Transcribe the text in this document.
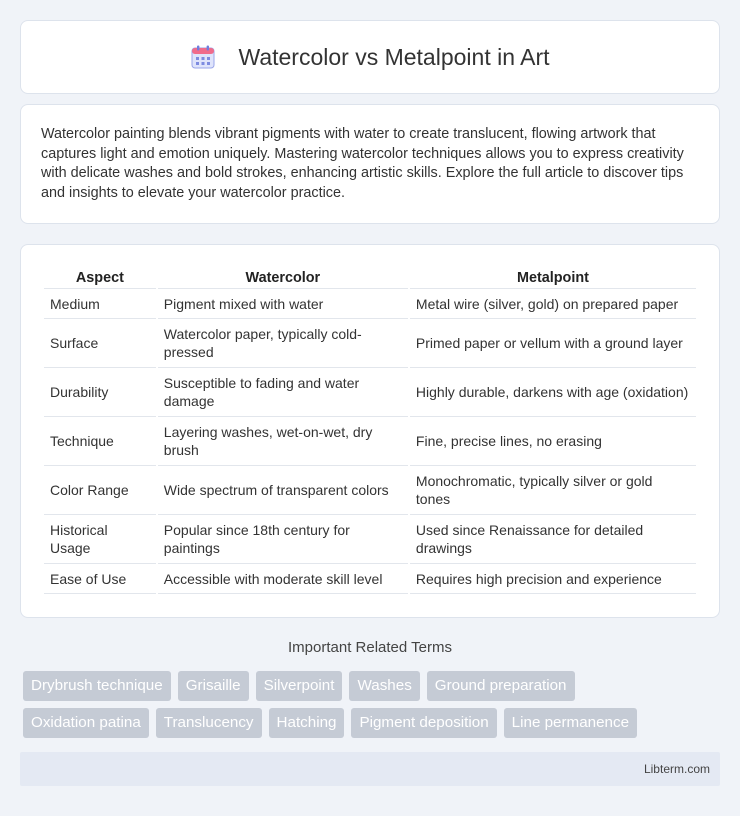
Watercolor vs Metalpoint in Art

Watercolor painting blends vibrant pigments with water to create translucent, flowing artwork that captures light and emotion uniquely. Mastering watercolor techniques allows you to express creativity with delicate washes and bold strokes, enhancing artistic skills. Explore the full article to discover tips and insights to elevate your watercolor practice.

Aspect	Watercolor	Metalpoint
Medium	Pigment mixed with water	Metal wire (silver, gold) on prepared paper
Surface	Watercolor paper, typically cold-pressed	Primed paper or vellum with a ground layer
Durability	Susceptible to fading and water damage	Highly durable, darkens with age (oxidation)
Technique	Layering washes, wet-on-wet, dry brush	Fine, precise lines, no erasing
Color Range	Wide spectrum of transparent colors	Monochromatic, typically silver or gold tones
Historical Usage	Popular since 18th century for paintings	Used since Renaissance for detailed drawings
Ease of Use	Accessible with moderate skill level	Requires high precision and experience
Important Related Terms
Drybrush technique	Grisaille	Silverpoint	Washes	Ground preparation
Oxidation patina	Translucency	Hatching	Pigment deposition	Line permanence
Libterm.com
